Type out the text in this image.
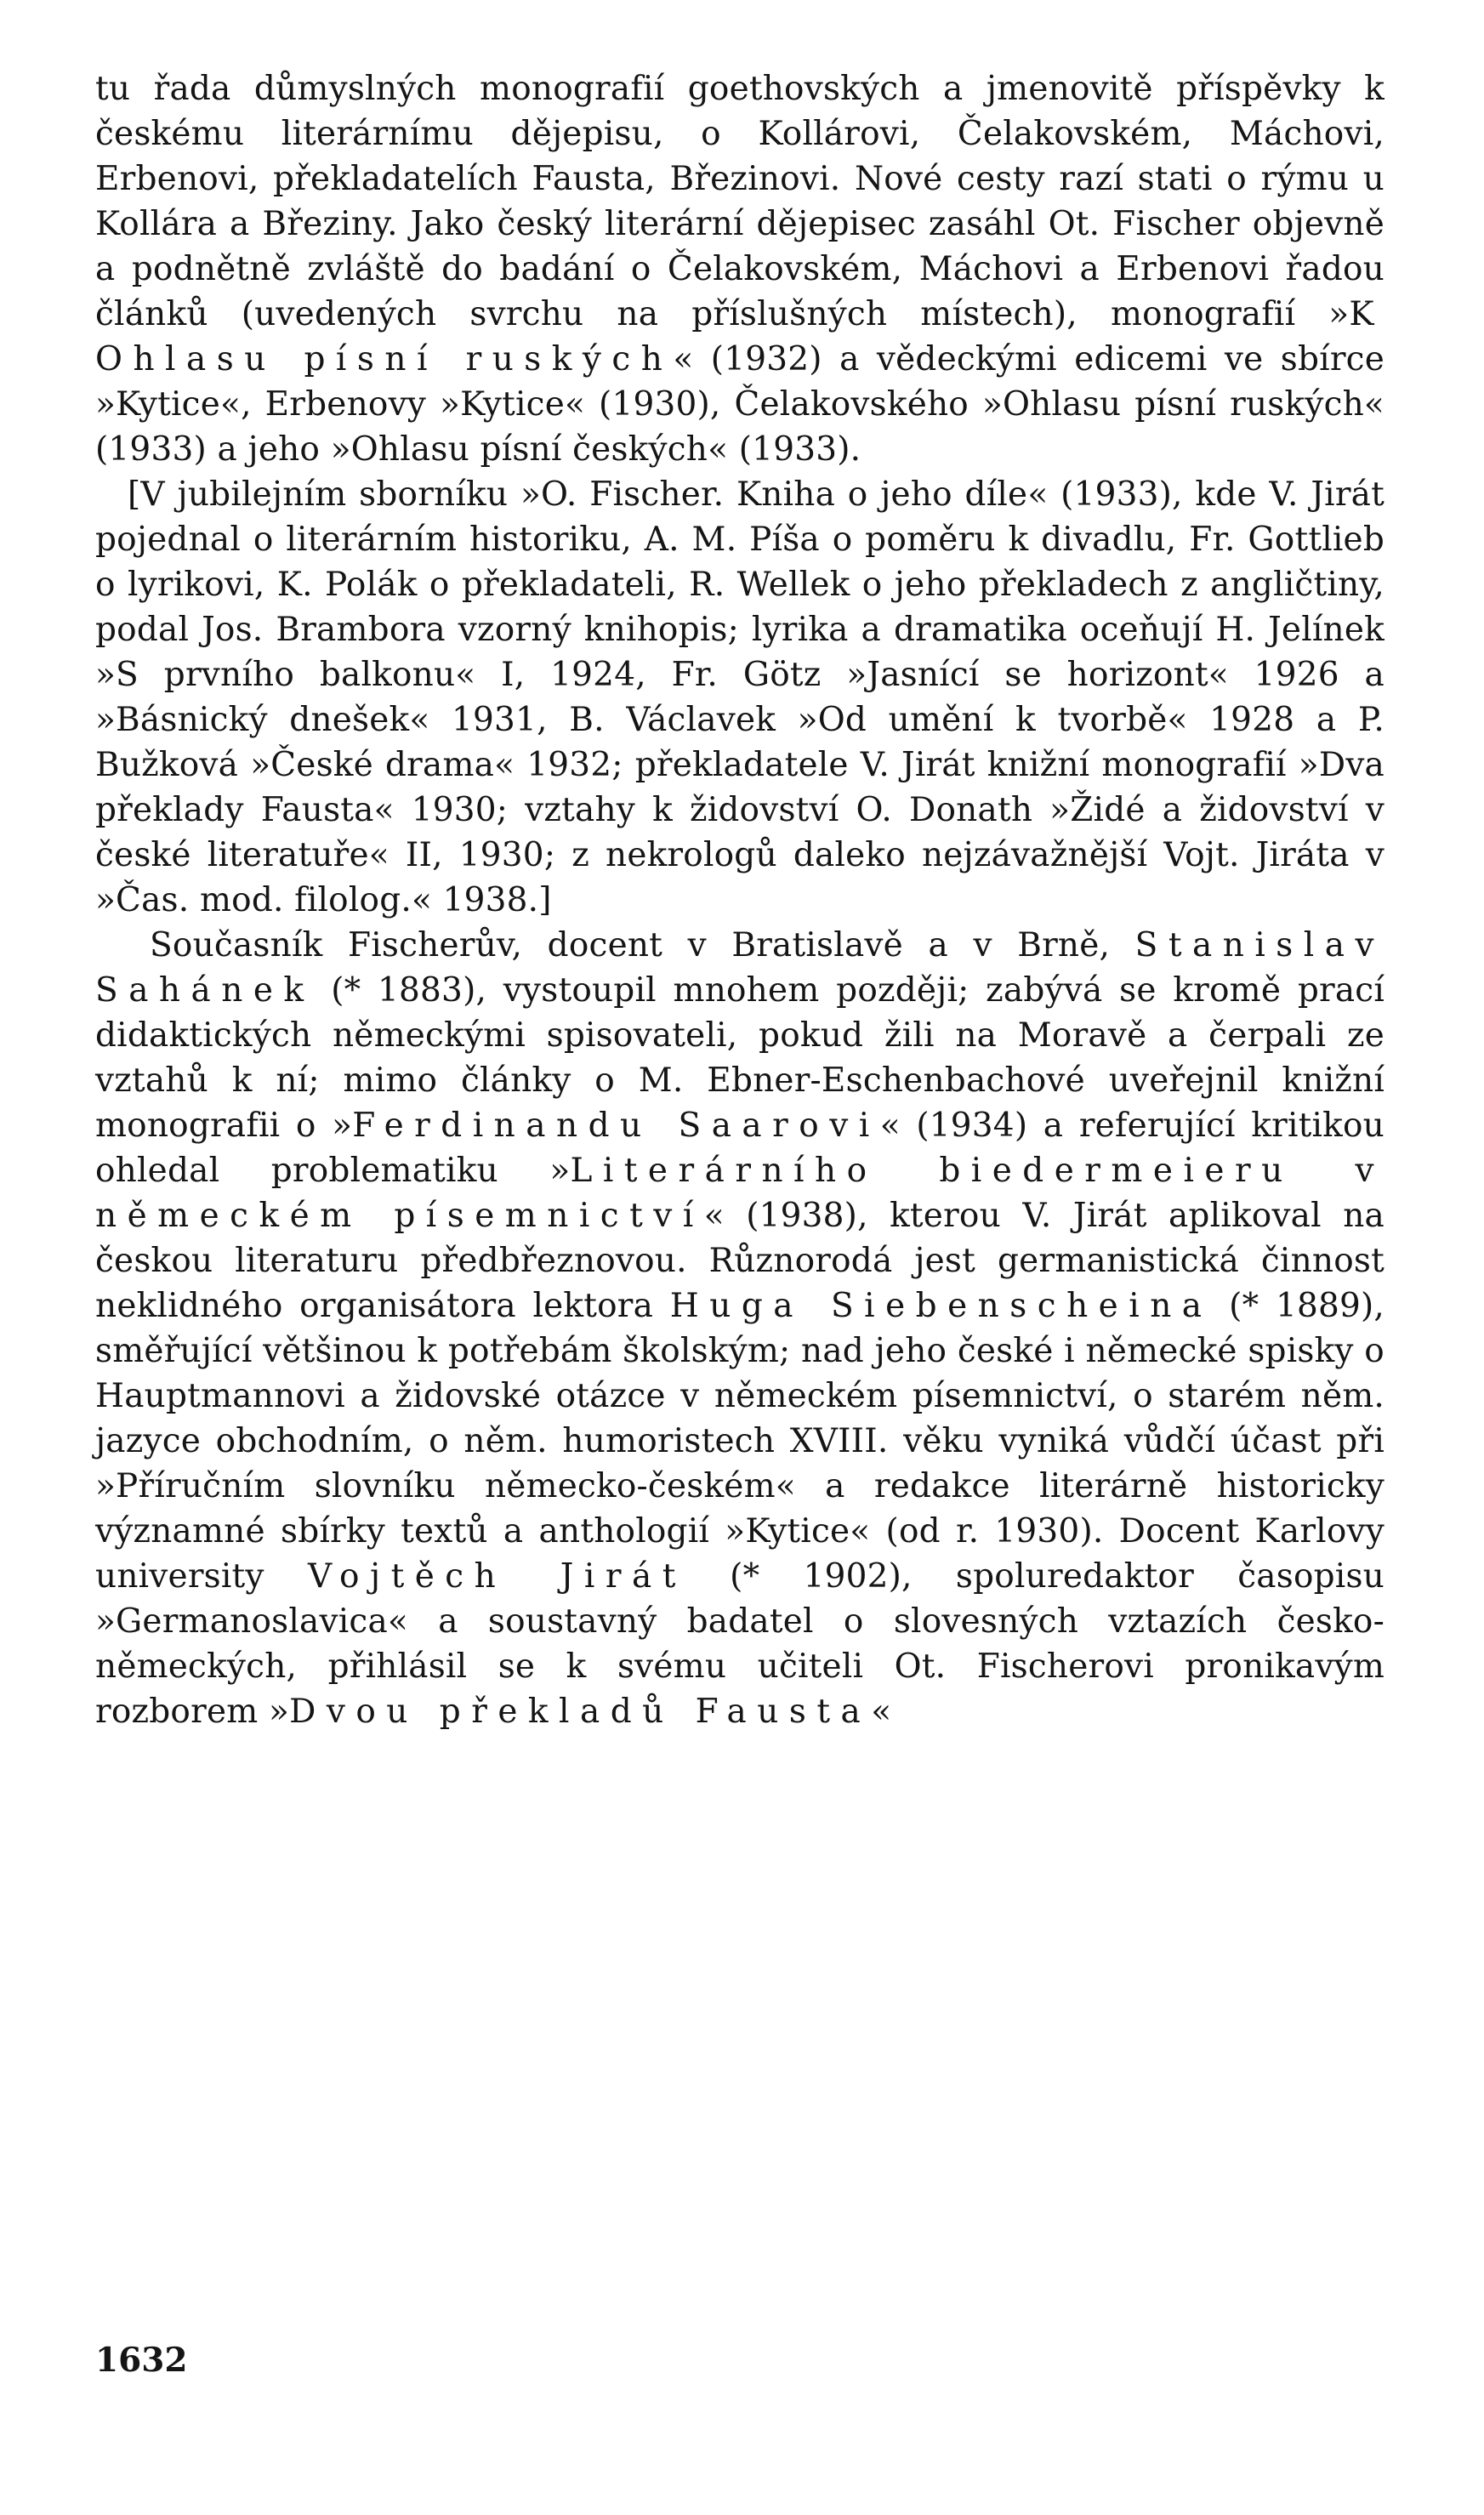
tu řada důmyslných monografií goethovských a jmenovitě příspěvky k českému literárnímu dějepisu, o Kollárovi, Čelakovském, Máchovi, Erbenovi, překladatelích Fausta, Březinovi. Nové cesty razí stati o rýmu u Kollára a Březiny. Jako český literární dějepisec zasáhl Ot. Fischer objevně a podnětně zvláště do badání o Čelakovském, Máchovi a Erbenovi řadou článků (uvedených svrchu na příslušných místech), monografií »K Ohlasu písní ruských« (1932) a vědeckými edicemi ve sbírce »Kytice«, Erbenovy »Kytice« (1930), Čelakovského »Ohlasu písní ruských« (1933) a jeho »Ohlasu písní českých« (1933).

[V jubilejním sborníku »O. Fischer. Kniha o jeho díle« (1933), kde V. Jirát pojednal o literárním historiku, A. M. Píša o poměru k divadlu, Fr. Gottlieb o lyrikovi, K. Polák o překladateli, R. Wellek o jeho překladech z angličtiny, podal Jos. Brambora vzorný knihopis; lyrika a dramatika oceňují H. Jelínek »S prvního balkonu« I, 1924, Fr. Götz »Jasnící se horizont« 1926 a »Básnický dnešek« 1931, B. Václavek »Od umění k tvorbě« 1928 a P. Bužková »České drama« 1932; překladatele V. Jirát knižní monografií »Dva překlady Fausta« 1930; vztahy k židovství O. Donath »Židé a židovství v české literatuře« II, 1930; z nekrologů daleko nejzávažnější Vojt. Jiráta v »Čas. mod. filolog.« 1938.]

Současník Fischerův, docent v Bratislavě a v Brně, Stanislav Sahánek (* 1883), vystoupil mnohem později; zabývá se kromě prací didaktických německými spisovateli, pokud žili na Moravě a čerpali ze vztahů k ní; mimo články o M. Ebner-Eschenbachové uveřejnil knižní monografii o »Ferdinandu Saarovi« (1934) a referující kritikou ohledal problematiku »Literárního biedermeieru v německém písemnictví« (1938), kterou V. Jirát aplikoval na českou literaturu předbřeznovou. Různorodá jest germanistická činnost neklidného organisátora lektora Huga Siebenscheina (* 1889), směřující většinou k potřebám školským; nad jeho české i německé spisky o Hauptmannovi a židovské otázce v německém písemnictví, o starém něm. jazyce obchodním, o něm. humoristech XVIII. věku vyniká vůdčí účast při »Příručním slovníku německo-českém« a redakce literárně historicky významné sbírky textů a anthologií »Kytice« (od r. 1930). Docent Karlovy university Vojtěch Jirát (* 1902), spoluredaktor časopisu »Germanoslavica« a soustavný badatel o slovesných vztazích česko-německých, přihlásil se k svému učiteli Ot. Fischerovi pronikavým rozborem »Dvou překladů Fausta«

1632
